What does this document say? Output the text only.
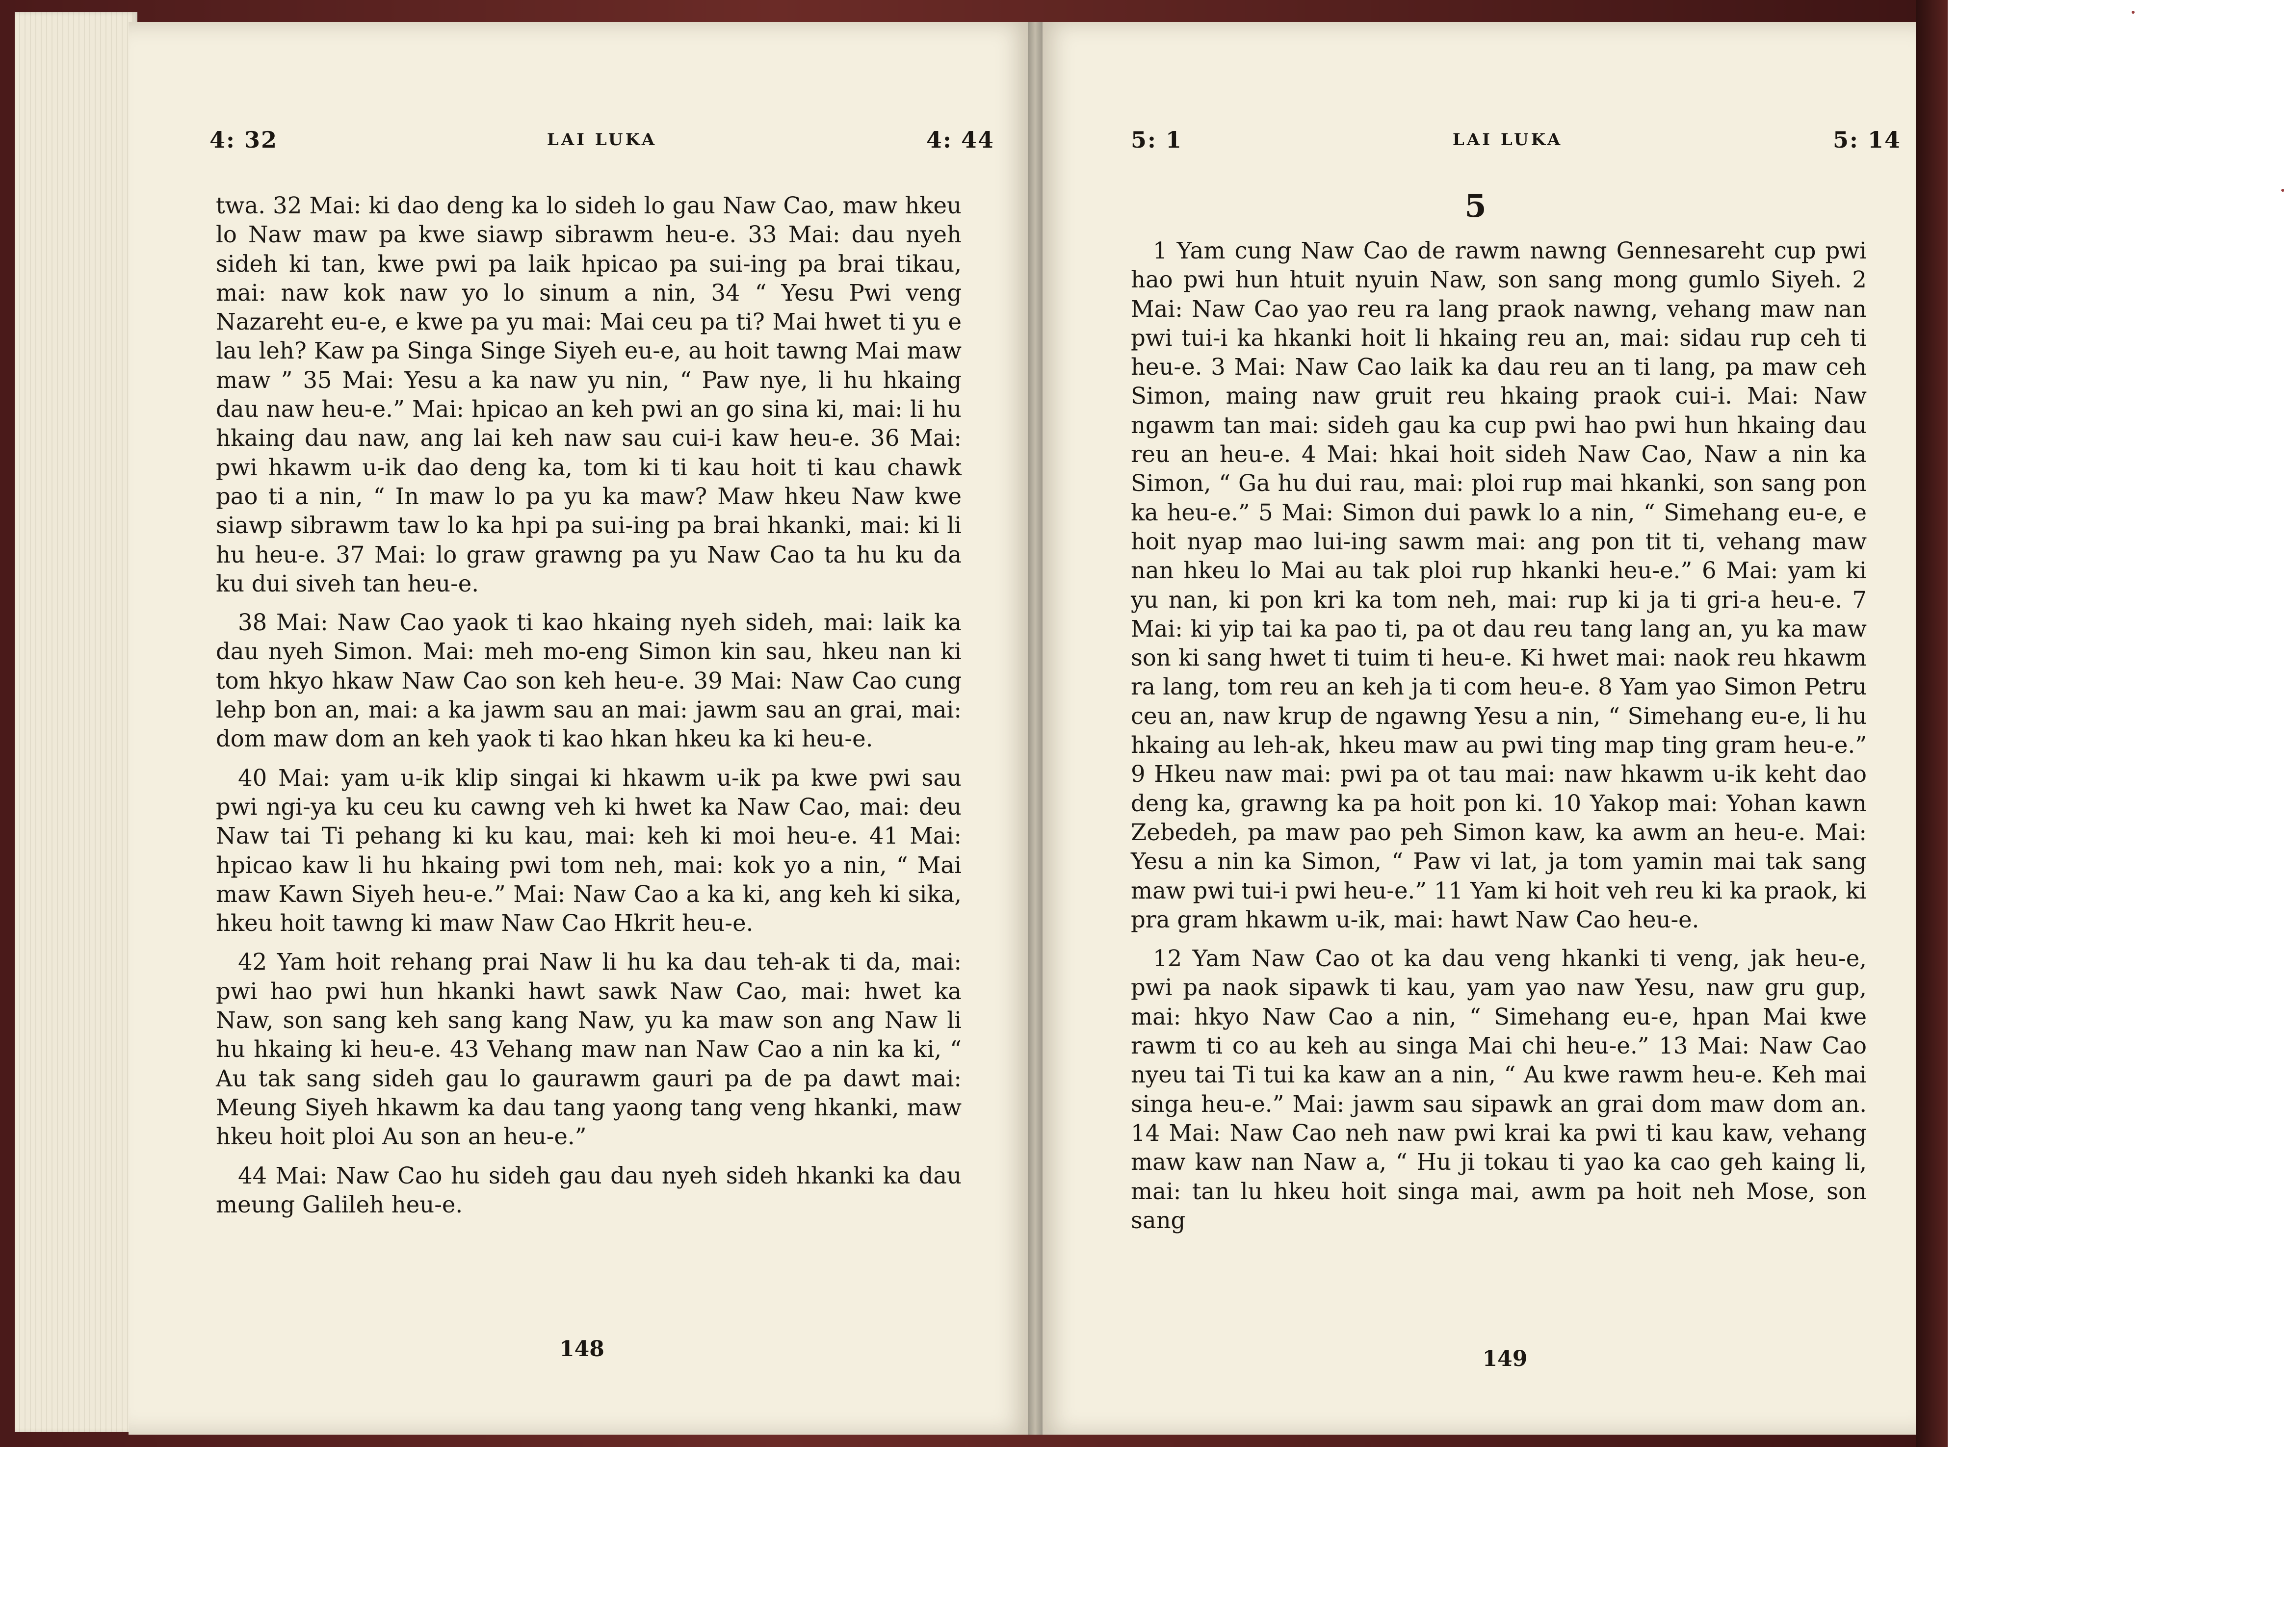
4: 32	LAI LUKA	4: 44

twa. 32 Mai: ki dao deng ka lo sideh lo gau Naw Cao, maw hkeu lo Naw maw pa kwe siawp sibrawm heu-e. 33 Mai: dau nyeh sideh ki tan, kwe pwi pa laik hpicao pa sui-ing pa brai tikau, mai: naw kok naw yo lo sinum a nin, 34 “ Yesu Pwi veng Nazareht eu-e, e kwe pa yu mai: Mai ceu pa ti? Mai hwet ti yu e lau leh? Kaw pa Singa Singe Siyeh eu-e, au hoit tawng Mai maw maw ” 35 Mai: Yesu a ka naw yu nin, “ Paw nye, li hu hkaing dau naw heu-e.” Mai: hpicao an keh pwi an go sina ki, mai: li hu hkaing dau naw, ang lai keh naw sau cui-i kaw heu-e. 36 Mai: pwi hkawm u-ik dao deng ka, tom ki ti kau hoit ti kau chawk pao ti a nin, “ In maw lo pa yu ka maw? Maw hkeu Naw kwe siawp sibrawm taw lo ka hpi pa sui-ing pa brai hkanki, mai: ki li hu heu-e. 37 Mai: lo graw grawng pa yu Naw Cao ta hu ku da ku dui siveh tan heu-e.

38 Mai: Naw Cao yaok ti kao hkaing nyeh sideh, mai: laik ka dau nyeh Simon. Mai: meh mo-eng Simon kin sau, hkeu nan ki tom hkyo hkaw Naw Cao son keh heu-e. 39 Mai: Naw Cao cung lehp bon an, mai: a ka jawm sau an mai: jawm sau an grai, mai: dom maw dom an keh yaok ti kao hkan hkeu ka ki heu-e.

40 Mai: yam u-ik klip singai ki hkawm u-ik pa kwe pwi sau pwi ngi-ya ku ceu ku cawng veh ki hwet ka Naw Cao, mai: deu Naw tai Ti pehang ki ku kau, mai: keh ki moi heu-e. 41 Mai: hpicao kaw li hu hkaing pwi tom neh, mai: kok yo a nin, “ Mai maw Kawn Siyeh heu-e.” Mai: Naw Cao a ka ki, ang keh ki sika, hkeu hoit tawng ki maw Naw Cao Hkrit heu-e.

42 Yam hoit rehang prai Naw li hu ka dau teh-ak ti da, mai: pwi hao pwi hun hkanki hawt sawk Naw Cao, mai: hwet ka Naw, son sang keh sang kang Naw, yu ka maw son ang Naw li hu hkaing ki heu-e. 43 Vehang maw nan Naw Cao a nin ka ki, “ Au tak sang sideh gau lo gaurawm gauri pa de pa dawt mai: Meung Siyeh hkawm ka dau tang yaong tang veng hkanki, maw hkeu hoit ploi Au son an heu-e.”

44 Mai: Naw Cao hu sideh gau dau nyeh sideh hkanki ka dau meung Galileh heu-e.

148
5: 1	LAI LUKA	5: 14
5

1 Yam cung Naw Cao de rawm nawng Gennesareht cup pwi hao pwi hun htuit nyuin Naw, son sang mong gumlo Siyeh. 2 Mai: Naw Cao yao reu ra lang praok nawng, vehang maw nan pwi tui-i ka hkanki hoit li hkaing reu an, mai: sidau rup ceh ti heu-e. 3 Mai: Naw Cao laik ka dau reu an ti lang, pa maw ceh Simon, maing naw gruit reu hkaing praok cui-i. Mai: Naw ngawm tan mai: sideh gau ka cup pwi hao pwi hun hkaing dau reu an heu-e. 4 Mai: hkai hoit sideh Naw Cao, Naw a nin ka Simon, “ Ga hu dui rau, mai: ploi rup mai hkanki, son sang pon ka heu-e.” 5 Mai: Simon dui pawk lo a nin, “ Simehang eu-e, e hoit nyap mao lui-ing sawm mai: ang pon tit ti, vehang maw nan hkeu lo Mai au tak ploi rup hkanki heu-e.” 6 Mai: yam ki yu nan, ki pon kri ka tom neh, mai: rup ki ja ti gri-a heu-e. 7 Mai: ki yip tai ka pao ti, pa ot dau reu tang lang an, yu ka maw son ki sang hwet ti tuim ti heu-e. Ki hwet mai: naok reu hkawm ra lang, tom reu an keh ja ti com heu-e. 8 Yam yao Simon Petru ceu an, naw krup de ngawng Yesu a nin, “ Simehang eu-e, li hu hkaing au leh-ak, hkeu maw au pwi ting map ting gram heu-e.” 9 Hkeu naw mai: pwi pa ot tau mai: naw hkawm u-ik keht dao deng ka, grawng ka pa hoit pon ki. 10 Yakop mai: Yohan kawn Zebedeh, pa maw pao peh Simon kaw, ka awm an heu-e. Mai: Yesu a nin ka Simon, “ Paw vi lat, ja tom yamin mai tak sang maw pwi tui-i pwi heu-e.” 11 Yam ki hoit veh reu ki ka praok, ki pra gram hkawm u-ik, mai: hawt Naw Cao heu-e.

12 Yam Naw Cao ot ka dau veng hkanki ti veng, jak heu-e, pwi pa naok sipawk ti kau, yam yao naw Yesu, naw gru gup, mai: hkyo Naw Cao a nin, “ Simehang eu-e, hpan Mai kwe rawm ti co au keh au singa Mai chi heu-e.” 13 Mai: Naw Cao nyeu tai Ti tui ka kaw an a nin, “ Au kwe rawm heu-e. Keh mai singa heu-e.” Mai: jawm sau sipawk an grai dom maw dom an. 14 Mai: Naw Cao neh naw pwi krai ka pwi ti kau kaw, vehang maw kaw nan Naw a, “ Hu ji tokau ti yao ka cao geh kaing li, mai: tan lu hkeu hoit singa mai, awm pa hoit neh Mose, son sang

149
